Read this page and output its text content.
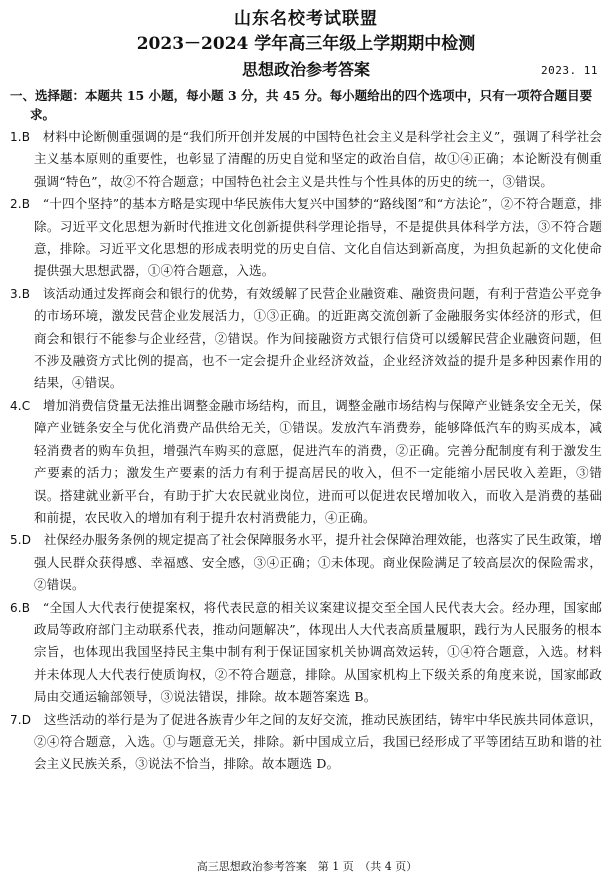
山东名校考试联盟
2023－2024 学年高三年级上学期期中检测
思想政治参考答案	2023. 11
一、选择题：本题共 15 小题，每小题 3 分，共 45 分。每小题给出的四个选项中，只有一项符合题目要求。
1.B  材料中论断侧重强调的是“我们所开创并发展的中国特色社会主义是科学社会主义”，强调了科学社会主义基本原则的重要性，也彰显了清醒的历史自觉和坚定的政治自信，故①④正确；本论断没有侧重强调“特色”，故②不符合题意；中国特色社会主义是共性与个性具体的历史的统一，③错误。
2.B  “十四个坚持”的基本方略是实现中华民族伟大复兴中国梦的“路线图”和“方法论”，②不符合题意，排除。习近平文化思想为新时代推进文化创新提供科学理论指导，不是提供具体科学方法，③不符合题意，排除。习近平文化思想的形成表明党的历史自信、文化自信达到新高度，为担负起新的文化使命提供强大思想武器，①④符合题意，入选。
3.B  该活动通过发挥商会和银行的优势，有效缓解了民营企业融资难、融资贵问题，有利于营造公平竞争的市场环境，激发民营企业发展活力，①③正确。的近距离交流创新了金融服务实体经济的形式，但商会和银行不能参与企业经营，②错误。作为间接融资方式银行信贷可以缓解民营企业融资问题，但不涉及融资方式比例的提高，也不一定会提升企业经济效益，企业经济效益的提升是多种因素作用的结果，④错误。
4.C  增加消费信贷量无法推出调整金融市场结构，而且，调整金融市场结构与保障产业链条安全无关，保障产业链条安全与优化消费产品供给无关，①错误。发放汽车消费券，能够降低汽车的购买成本，减轻消费者的购车负担，增强汽车购买的意愿，促进汽车的消费，②正确。完善分配制度有利于激发生产要素的活力；激发生产要素的活力有利于提高居民的收入，但不一定能缩小居民收入差距，③错误。搭建就业新平台，有助于扩大农民就业岗位，进而可以促进农民增加收入，而收入是消费的基础和前提，农民收入的增加有利于提升农村消费能力，④正确。
5.D  社保经办服务条例的规定提高了社会保障服务水平，提升社会保障治理效能，也落实了民生政策，增强人民群众获得感、幸福感、安全感，③④正确；①未体现。商业保险满足了较高层次的保险需求，②错误。
6.B  “全国人大代表行使提案权，将代表民意的相关议案建议提交至全国人民代表大会。经办理，国家邮政局等政府部门主动联系代表，推动问题解决”，体现出人大代表高质量履职，践行为人民服务的根本宗旨，也体现出我国坚持民主集中制有利于保证国家机关协调高效运转，①④符合题意，入选。材料并未体现人大代表行使质询权，②不符合题意，排除。从国家机构上下级关系的角度来说，国家邮政局由交通运输部领导，③说法错误，排除。故本题答案选 B。
7.D  这些活动的举行是为了促进各族青少年之间的友好交流，推动民族团结，铸牢中华民族共同体意识，②④符合题意，入选。①与题意无关，排除。新中国成立后，我国已经形成了平等团结互助和谐的社会主义民族关系，③说法不恰当，排除。故本题选 D。
高三思想政治参考答案　第 1 页　（共 4 页）
